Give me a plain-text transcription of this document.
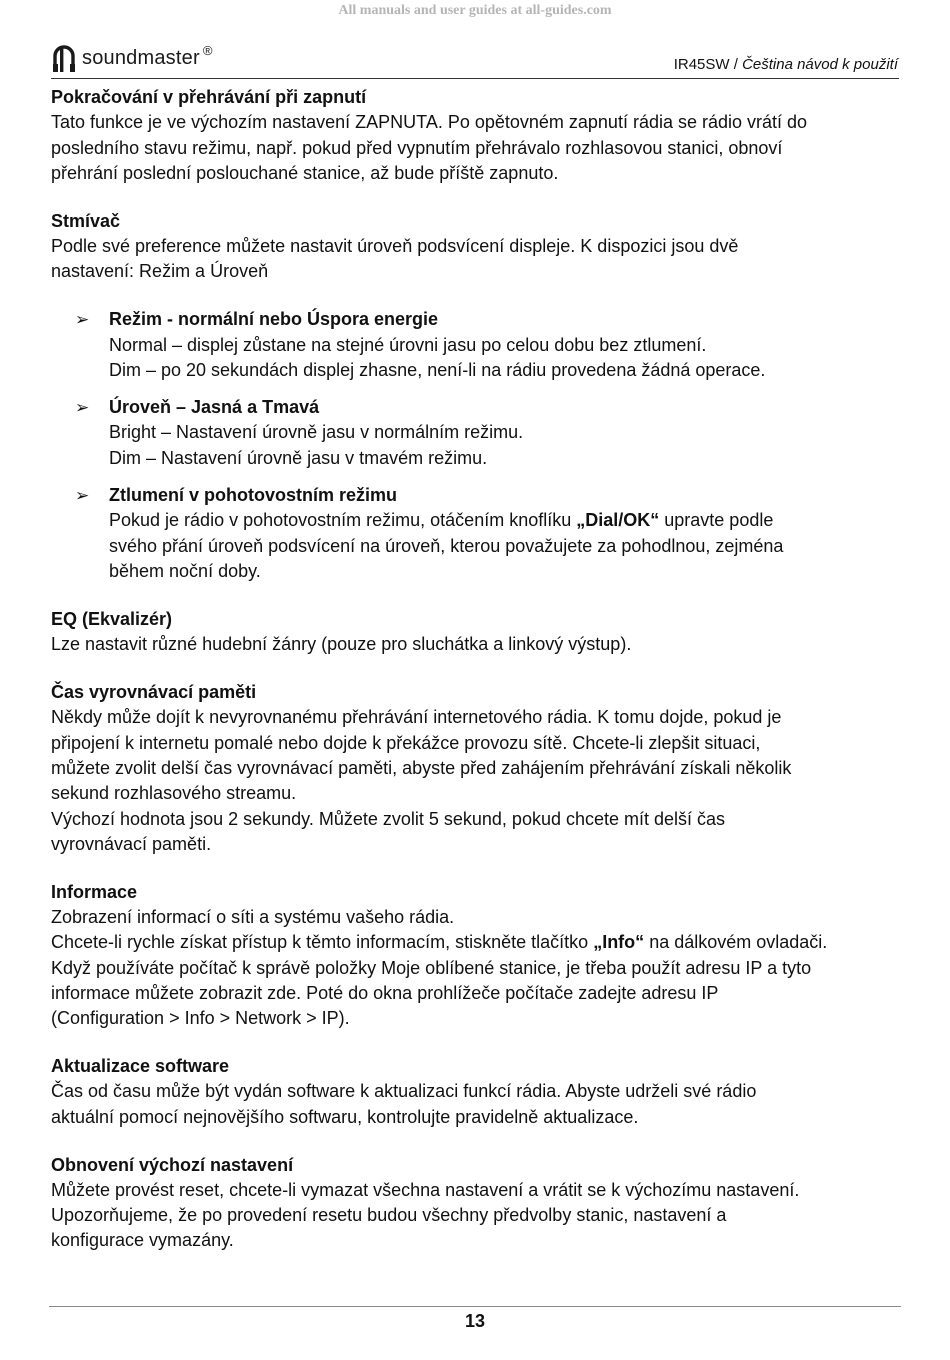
All manuals and user guides at all-guides.com
soundmaster ®
IR45SW / Čeština návod k použití

Pokračování v přehrávání při zapnutí

Tato funkce je ve výchozím nastavení ZAPNUTA. Po opětovném zapnutí rádia se rádio vrátí do

posledního stavu režimu, např. pokud před vypnutím přehrávalo rozhlasovou stanici, obnoví

přehrání poslední poslouchané stanice, až bude příště zapnuto.

Stmívač

Podle své preference můžete nastavit úroveň podsvícení displeje. K dispozici jsou dvě

nastavení: Režim a Úroveň

➢ Režim - normální nebo Úspora energie

Normal – displej zůstane na stejné úrovni jasu po celou dobu bez ztlumení.

Dim – po 20 sekundách displej zhasne, není-li na rádiu provedena žádná operace.

➢ Úroveň – Jasná a Tmavá

Bright – Nastavení úrovně jasu v normálním režimu.

Dim – Nastavení úrovně jasu v tmavém režimu.

➢ Ztlumení v pohotovostním režimu

Pokud je rádio v pohotovostním režimu, otáčením knoflíku „Dial/OK“ upravte podle

svého přání úroveň podsvícení na úroveň, kterou považujete za pohodlnou, zejména

během noční doby.

EQ (Ekvalizér)

Lze nastavit různé hudební žánry (pouze pro sluchátka a linkový výstup).

Čas vyrovnávací paměti

Někdy může dojít k nevyrovnanému přehrávání internetového rádia. K tomu dojde, pokud je

připojení k internetu pomalé nebo dojde k překážce provozu sítě. Chcete-li zlepšit situaci,

můžete zvolit delší čas vyrovnávací paměti, abyste před zahájením přehrávání získali několik

sekund rozhlasového streamu.

Výchozí hodnota jsou 2 sekundy. Můžete zvolit 5 sekund, pokud chcete mít delší čas

vyrovnávací paměti.

Informace

Zobrazení informací o síti a systému vašeho rádia.

Chcete-li rychle získat přístup k těmto informacím, stiskněte tlačítko „Info“ na dálkovém ovladači.

Když používáte počítač k správě položky Moje oblíbené stanice, je třeba použít adresu IP a tyto

informace můžete zobrazit zde. Poté do okna prohlížeče počítače zadejte adresu IP

(Configuration > Info > Network > IP).

Aktualizace software

Čas od času může být vydán software k aktualizaci funkcí rádia. Abyste udrželi své rádio

aktuální pomocí nejnovějšího softwaru, kontrolujte pravidelně aktualizace.

Obnovení výchozí nastavení

Můžete provést reset, chcete-li vymazat všechna nastavení a vrátit se k výchozímu nastavení.

Upozorňujeme, že po provedení resetu budou všechny předvolby stanic, nastavení a

konfigurace vymazány.

13
